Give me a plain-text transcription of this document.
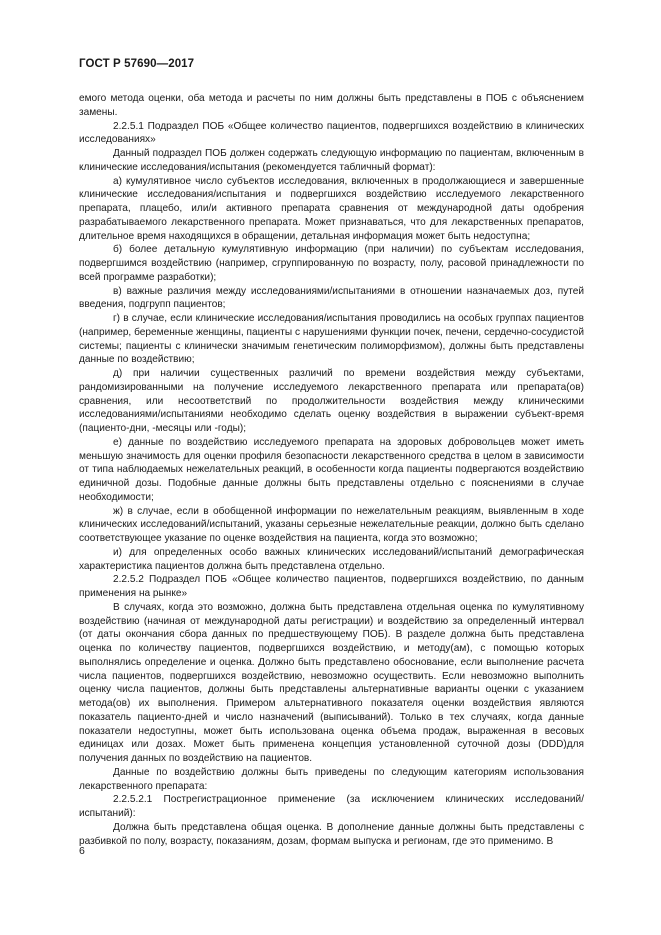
ГОСТ Р 57690—2017

емого метода оценки, оба метода и расчеты по ним должны быть представлены в ПОБ с объяснением замены.

2.2.5.1 Подраздел ПОБ «Общее количество пациентов, подвергшихся воздействию в клинических исследованиях»

Данный подраздел ПОБ должен содержать следующую информацию по пациентам, включенным в клинические исследования/испытания (рекомендуется табличный формат):

а) кумулятивное число субъектов исследования, включенных в продолжающиеся и завершенные клинические исследования/испытания и подвергшихся воздействию исследуемого лекарственного препарата, плацебо, или/и активного препарата сравнения от международной даты одобрения разрабатываемого лекарственного препарата. Может признаваться, что для лекарственных препаратов, длительное время находящихся в обращении, детальная информация может быть недоступна;

б) более детальную кумулятивную информацию (при наличии) по субъектам исследования, подвергшимся воздействию (например, сгруппированную по возрасту, полу, расовой принадлежности по всей программе разработки);

в) важные различия между исследованиями/испытаниями в отношении назначаемых доз, путей введения, подгрупп пациентов;

г) в случае, если клинические исследования/испытания проводились на особых группах пациентов (например, беременные женщины, пациенты с нарушениями функции почек, печени, сердечно-сосудистой системы; пациенты с клинически значимым генетическим полиморфизмом), должны быть представлены данные по воздействию;

д) при наличии существенных различий по времени воздействия между субъектами, рандомизированными на получение исследуемого лекарственного препарата или препарата(ов) сравнения, или несоответствий по продолжительности воздействия между клиническими исследованиями/испытаниями необходимо сделать оценку воздействия в выражении субъект-время (пациенто-дни, -месяцы или -годы);

е) данные по воздействию исследуемого препарата на здоровых добровольцев может иметь меньшую значимость для оценки профиля безопасности лекарственного средства в целом в зависимости от типа наблюдаемых нежелательных реакций, в особенности когда пациенты подвергаются воздействию единичной дозы. Подобные данные должны быть представлены отдельно с пояснениями в случае необходимости;

ж) в случае, если в обобщенной информации по нежелательным реакциям, выявленным в ходе клинических исследований/испытаний, указаны серьезные нежелательные реакции, должно быть сделано соответствующее указание по оценке воздействия на пациента, когда это возможно;

и) для определенных особо важных клинических исследований/испытаний демографическая характеристика пациентов должна быть представлена отдельно.

2.2.5.2 Подраздел ПОБ «Общее количество пациентов, подвергшихся воздействию, по данным применения на рынке»

В случаях, когда это возможно, должна быть представлена отдельная оценка по кумулятивному воздействию (начиная от международной даты регистрации) и воздействию за определенный интервал (от даты окончания сбора данных по предшествующему ПОБ). В разделе должна быть представлена оценка по количеству пациентов, подвергшихся воздействию, и методу(ам), с помощью которых выполнялись определение и оценка. Должно быть представлено обоснование, если выполнение расчета числа пациентов, подвергшихся воздействию, невозможно осуществить. Если невозможно выполнить оценку числа пациентов, должны быть представлены альтернативные варианты оценки с указанием метода(ов) их выполнения. Примером альтернативного показателя оценки воздействия являются показатель пациенто-дней и число назначений (выписываний). Только в тех случаях, когда данные показатели недоступны, может быть использована оценка объема продаж, выраженная в весовых единицах или дозах. Может быть применена концепция установленной суточной дозы (DDD)для получения данных по воздействию на пациентов.

Данные по воздействию должны быть приведены по следующим категориям использования лекарственного препарата:

2.2.5.2.1 Пострегистрационное применение (за исключением клинических исследований/испытаний):

Должна быть представлена общая оценка. В дополнение данные должны быть представлены с разбивкой по полу, возрасту, показаниям, дозам, формам выпуска и регионам, где это применимо. В

6
